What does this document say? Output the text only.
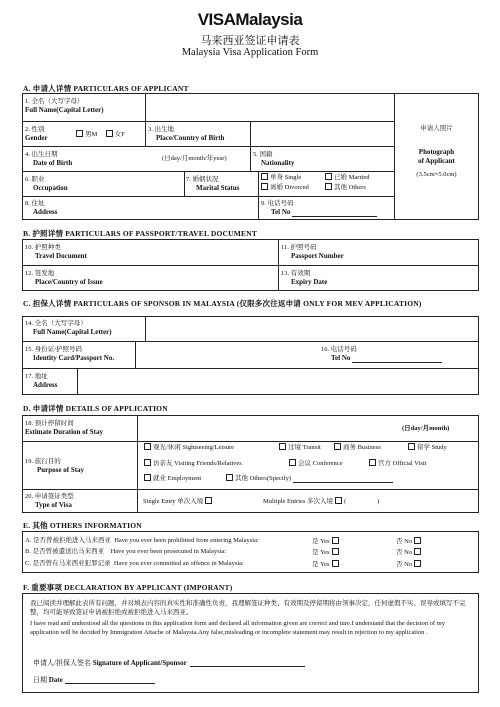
VISAMalaysia
马来西亚签证申请表
Malaysia Visa Application Form
A. 申请人详情 PARTICULARS OF APPLICANT
1. 全名（大写字母）
Full Name(Capital Letter)
2. 性别
Gender	男M	女F
3. 出生地
Place/Country of Birth
4. 出生日期
Date of Birth
(日day/月month/年year)
5. 国籍
Nationality
6. 职业
Occupation
7. 婚姻状况
Marital Status
单身 Single	已婚 Married
离婚 Divorced	其他 Others
8. 住址
Address
9. 电话号码
Tel No
申请人照片
Photograph
of Applicant
(3.5cm×5.0cm)
B. 护照详情 PARTICULARS OF PASSPORT/TRAVEL DOCUMENT
10. 护照种类
Travel Document
11. 护照号码
Passport Number
12. 签发地
Place/Country of Issue
13. 有效期
Expiry Date
C. 担保人详情 PARTICULARS OF SPONSOR IN MALAYSIA (仅限多次往返申请 ONLY FOR MEV APPLICATION)
14. 全名（大写字母）
Full Name(Capital Letter)
15. 身份证/护照号码
Identity Card/Passport No.
16. 电话号码
Tel No
17. 地址
Address
D. 申请详情 DETAILS OF APPLICATION
18. 预计停留时间
Estimate Duration of Stay	(日day/月month)
19. 旅行目的
Purpose of Stay
观光/休闲 Sightseeing/Leisure	过境 Transit	商务 Business	留学 Study
访亲友 Visiting Friends/Relatives	会议 Conference	官方 Official Visit
就业 Employment	其他 Others(Specify)
20. 申请签证类型
Type of Visa	Single Entry 单次入境	Multiple Entries 多次入境 (                   )
E. 其他 OTHERS INFORMATION
A. 是否曾被拒绝进入马来西亚 Have you ever been prohibited from entering Malaysia:	是 Yes	否 No
B. 是否曾被遣送出马来西亚 Have you ever been prosecuted in Malaysia:	是 Yes	否 No
C. 是否曾在马来西亚犯罪记录 Have you ever committed an offence in Malaysia:	是 Yes	否 No
F. 重要事项 DECLARATION BY APPLICANT (IMPORANT)
我已阅读并理解此表所有问题，并对填表内容的真实性和准确性负责，我理解签证种类、有效期及停留期将由领事决定，任何虚假不实、误导或填写不完整，均可能导致签证申请被拒绝或被拒绝进入马来西亚。
I have read and understood all the questions in this application form and declared all information given are correct and ture.I understand that the decision of my application will be decided by Immigration Attache of Malaysia.Any false,misleading or incomplete statement may result in rejection to my application .
申请人/担保人签名 Signature of Applicant/Sponsor
日期 Date
